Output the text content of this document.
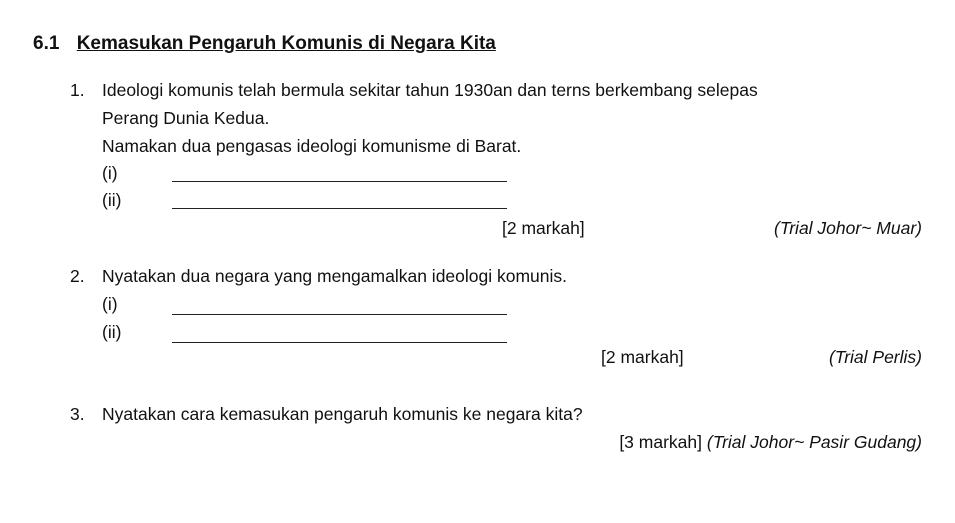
6.1 Kemasukan Pengaruh Komunis di Negara Kita
1. Ideologi komunis telah bermula sekitar tahun 1930an dan terns berkembang selepas
Perang Dunia Kedua.
Namakan dua pengasas ideologi komunisme di Barat.
(i)
(ii)
[2 markah]	(Trial Johor~ Muar)
2. Nyatakan dua negara yang mengamalkan ideologi komunis.
(i)
(ii)
[2 markah]	(Trial Perlis)
3. Nyatakan cara kemasukan pengaruh komunis ke negara kita?
[3 markah] (Trial Johor~ Pasir Gudang)
